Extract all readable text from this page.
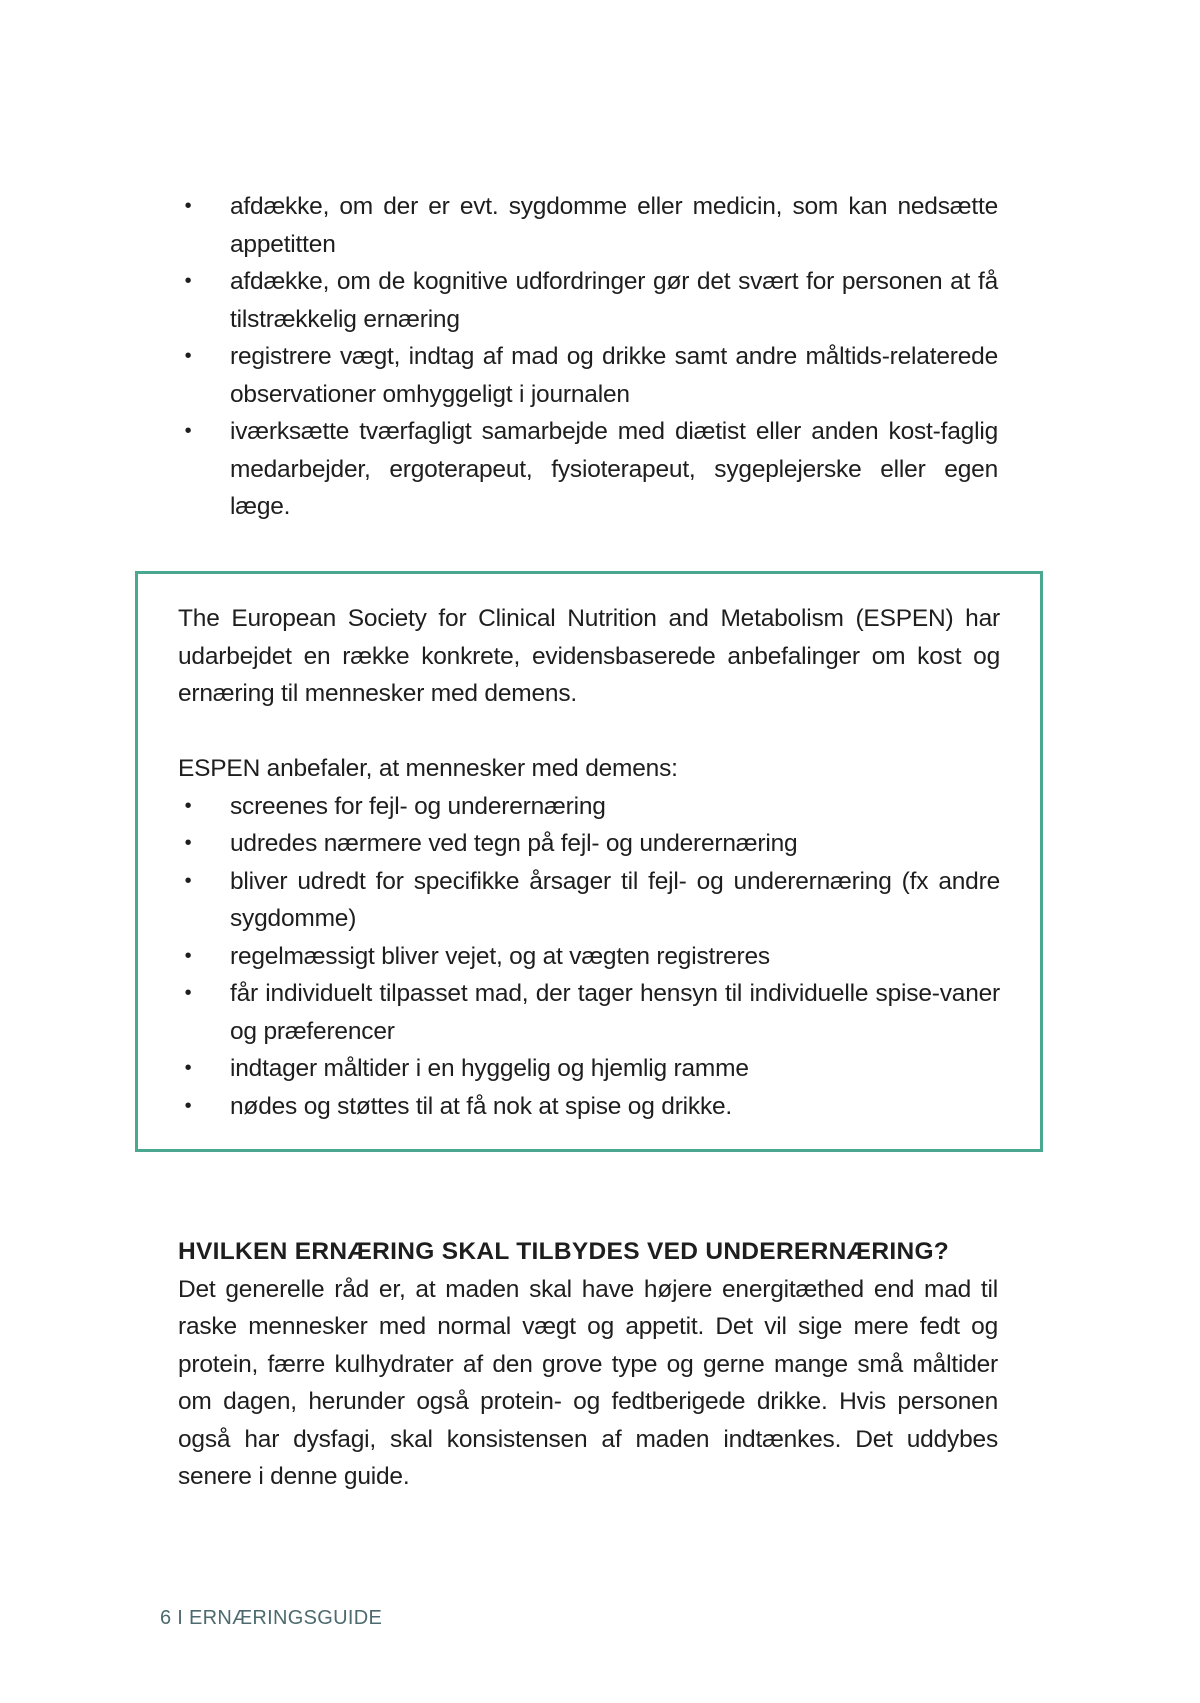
• afdække, om der er evt. sygdomme eller medicin, som kan nedsætte appetitten
• afdække, om de kognitive udfordringer gør det svært for personen at få tilstrækkelig ernæring
• registrere vægt, indtag af mad og drikke samt andre måltids-relaterede observationer omhyggeligt i journalen
• iværksætte tværfagligt samarbejde med diætist eller anden kost-faglig medarbejder, ergoterapeut, fysioterapeut, sygeplejerske eller egen læge.

The European Society for Clinical Nutrition and Metabolism (ESPEN) har udarbejdet en række konkrete, evidensbaserede anbefalinger om kost og ernæring til mennesker med demens.

ESPEN anbefaler, at mennesker med demens:

• screenes for fejl- og underernæring
• udredes nærmere ved tegn på fejl- og underernæring
• bliver udredt for specifikke årsager til fejl- og underernæring (fx andre sygdomme)
• regelmæssigt bliver vejet, og at vægten registreres
• får individuelt tilpasset mad, der tager hensyn til individuelle spise-vaner og præferencer
• indtager måltider i en hyggelig og hjemlig ramme
• nødes og støttes til at få nok at spise og drikke.
HVILKEN ERNÆRING SKAL TILBYDES VED UNDERERNÆRING?

Det generelle råd er, at maden skal have højere energitæthed end mad til raske mennesker med normal vægt og appetit. Det vil sige mere fedt og protein, færre kulhydrater af den grove type og gerne mange små måltider om dagen, herunder også protein- og fedtberigede drikke. Hvis personen også har dysfagi, skal konsistensen af maden indtænkes. Det uddybes senere i denne guide.

6 I ERNÆRINGSGUIDE
